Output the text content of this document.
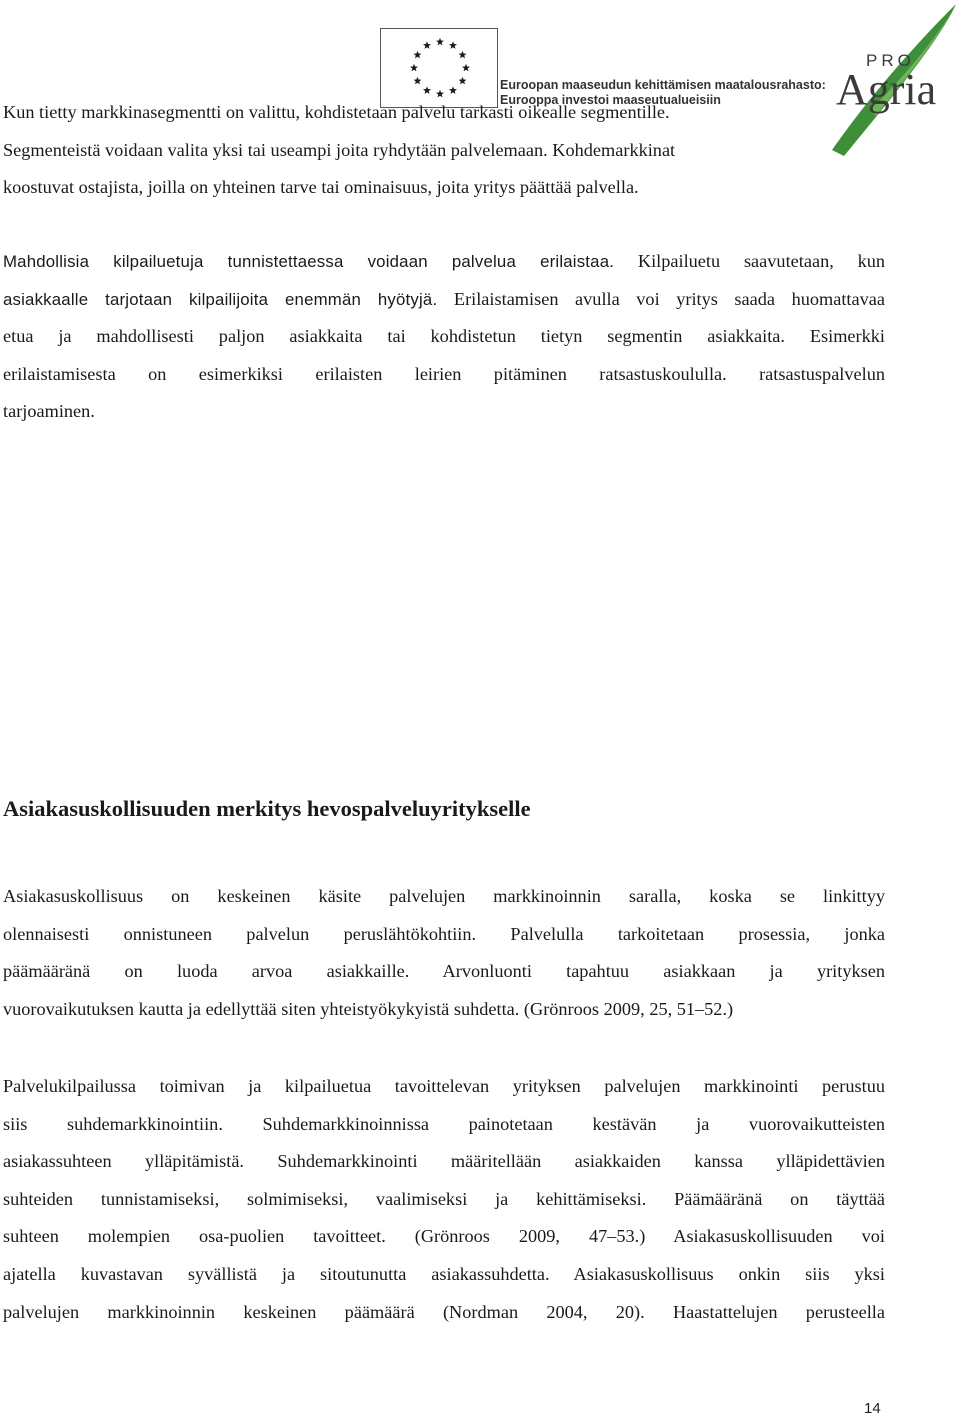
Euroopan maaseudun kehittämisen maatalousrahasto:
Eurooppa investoi maaseutualueisiin
PRO
Agria
Kun tietty markkinasegmentti on valittu, kohdistetaan palvelu tarkasti oikealle segmentille.
Segmenteistä voidaan valita yksi tai useampi joita ryhdytään palvelemaan. Kohdemarkkinat
koostuvat ostajista, joilla on yhteinen tarve tai ominaisuus, joita yritys päättää palvella.
Mahdollisia kilpailuetuja tunnistettaessa voidaan palvelua erilaistaa. Kilpailuetu saavutetaan, kun
asiakkaalle tarjotaan kilpailijoita enemmän hyötyjä. Erilaistamisen avulla voi yritys saada huomattavaa
etua ja mahdollisesti paljon asiakkaita tai kohdistetun tietyn segmentin asiakkaita. Esimerkki
erilaistamisesta on esimerkiksi erilaisten leirien pitäminen ratsastuskoululla. ratsastuspalvelun
tarjoaminen.
Asiakasuskollisuuden merkitys hevospalveluyritykselle
Asiakasuskollisuus on keskeinen käsite palvelujen markkinoinnin saralla, koska se linkittyy
olennaisesti onnistuneen palvelun peruslähtökohtiin. Palvelulla tarkoitetaan prosessia, jonka
päämääränä on luoda arvoa asiakkaille. Arvonluonti tapahtuu asiakkaan ja yrityksen
vuorovaikutuksen kautta ja edellyttää siten yhteistyökykyistä suhdetta. (Grönroos 2009, 25, 51–52.)
Palvelukilpailussa toimivan ja kilpailuetua tavoittelevan yrityksen palvelujen markkinointi perustuu
siis suhdemarkkinointiin. Suhdemarkkinoinnissa painotetaan kestävän ja vuorovaikutteisten
asiakassuhteen ylläpitämistä. Suhdemarkkinointi määritellään asiakkaiden kanssa ylläpidettävien
suhteiden tunnistamiseksi, solmimiseksi, vaalimiseksi ja kehittämiseksi. Päämääränä on täyttää
suhteen molempien osa-puolien tavoitteet. (Grönroos 2009, 47–53.) Asiakasuskollisuuden voi
ajatella kuvastavan syvällistä ja sitoutunutta asiakassuhdetta. Asiakasuskollisuus onkin siis yksi
palvelujen markkinoinnin keskeinen päämäärä (Nordman 2004, 20). Haastattelujen perusteella
14
